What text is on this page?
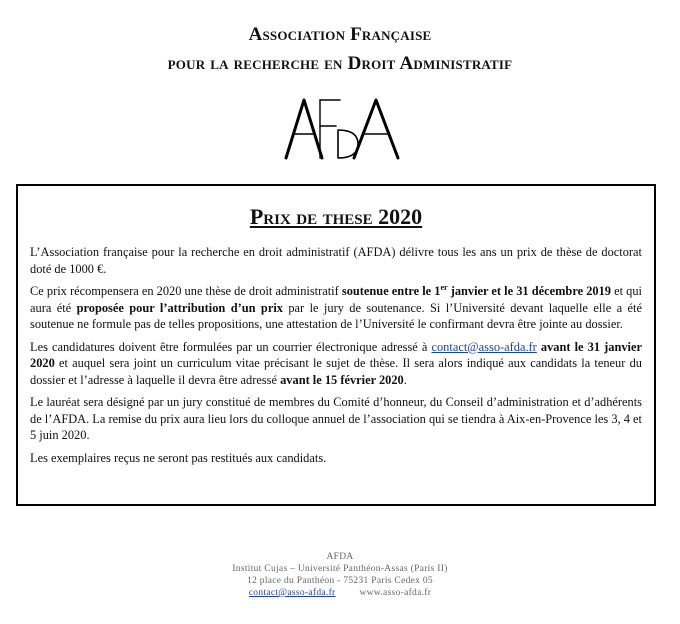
Association Française
pour la recherche en Droit Administratif
Prix de these 2020

L’Association française pour la recherche en droit administratif (AFDA) délivre tous les ans un prix de thèse de doctorat doté de 1000 €.

Ce prix récompensera en 2020 une thèse de droit administratif soutenue entre le 1er janvier et le 31 décembre 2019 et qui aura été proposée pour l’attribution d’un prix par le jury de soutenance. Si l’Université devant laquelle elle a été soutenue ne formule pas de telles propositions, une attestation de l’Université le confirmant devra être jointe au dossier.

Les candidatures doivent être formulées par un courrier électronique adressé à contact@asso-afda.fr avant le 31 janvier 2020 et auquel sera joint un curriculum vitae précisant le sujet de thèse. Il sera alors indiqué aux candidats la teneur du dossier et l’adresse à laquelle il devra être adressé avant le 15 février 2020.

Le lauréat sera désigné par un jury constitué de membres du Comité d’honneur, du Conseil d’administration et d’adhérents de l’AFDA. La remise du prix aura lieu lors du colloque annuel de l’association qui se tiendra à Aix-en-Provence les 3, 4 et 5 juin 2020.

Les exemplaires reçus ne seront pas restitués aux candidats.

AFDA
Institut Cujas – Université Panthéon-Assas (Paris II)
12 place du Panthéon - 75231 Paris Cedex 05
contact@asso-afda.fr	www.asso-afda.fr
